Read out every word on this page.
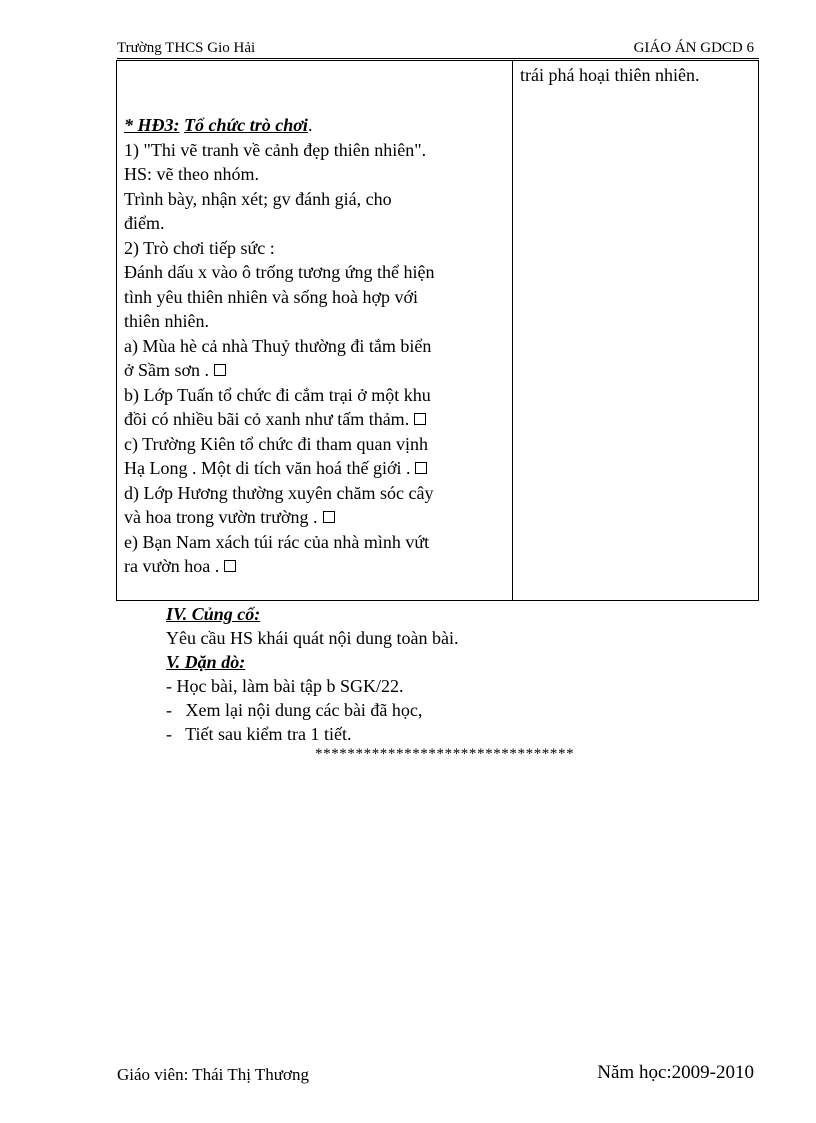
Trường THCS Gio Hải	GIÁO ÁN GDCD 6
trái phá hoại thiên nhiên.
* HĐ3: Tổ chức trò chơi.
1) "Thi vẽ tranh về cảnh đẹp thiên nhiên".
HS: vẽ theo nhóm.
Trình bày, nhận xét; gv đánh giá, cho
điểm.
2) Trò chơi tiếp sức :
Đánh dấu x vào ô trống tương ứng thể hiện
tình yêu thiên nhiên và sống hoà hợp với
thiên nhiên.
a) Mùa hè cả nhà Thuỷ thường đi tắm biển
ở Sầm sơn .
b) Lớp Tuấn tổ chức đi cắm trại ở một khu
đồi có nhiều bãi cỏ xanh như tấm thảm.
c) Trường Kiên tổ chức đi tham quan vịnh
Hạ Long . Một di tích văn hoá thế giới .
d) Lớp Hương thường xuyên chăm sóc cây
và hoa trong vườn trường .
e) Bạn Nam xách túi rác của nhà mình vứt
ra vườn hoa .
IV. Củng cố:
Yêu cầu HS khái quát nội dung toàn bài.
V. Dặn dò:
- Học bài, làm bài tập b SGK/22.
-   Xem lại nội dung các bài đã học,
-   Tiết sau kiểm tra 1 tiết.
********************************
Giáo viên: Thái Thị Thương	Năm học:2009-2010
